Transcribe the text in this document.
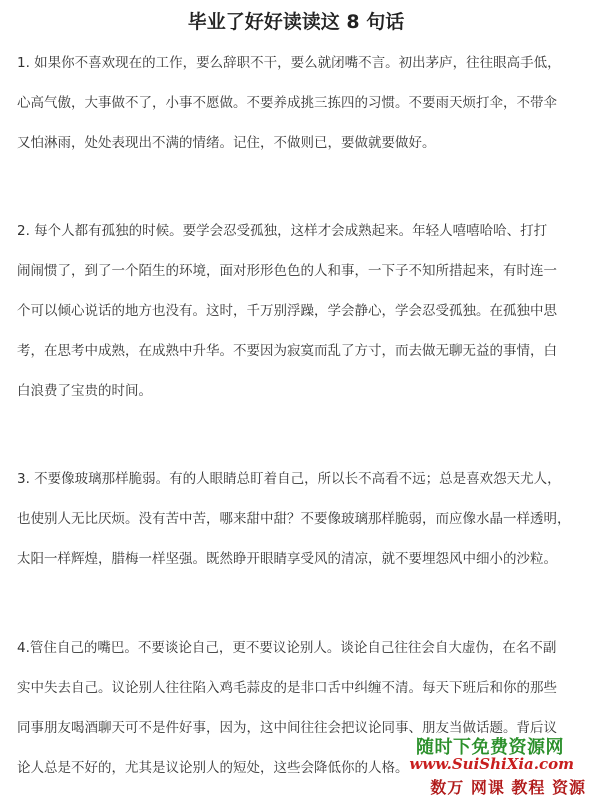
毕业了好好读读这 8 句话
1. 如果你不喜欢现在的工作，要么辞职不干，要么就闭嘴不言。初出茅庐，往往眼高手低，
心高气傲，大事做不了，小事不愿做。不要养成挑三拣四的习惯。不要雨天烦打伞，不带伞
又怕淋雨，处处表现出不满的情绪。记住，不做则已，要做就要做好。
2. 每个人都有孤独的时候。要学会忍受孤独，这样才会成熟起来。年轻人嘻嘻哈哈、打打
闹闹惯了，到了一个陌生的环境，面对形形色色的人和事，一下子不知所措起来，有时连一
个可以倾心说话的地方也没有。这时，千万别浮躁，学会静心，学会忍受孤独。在孤独中思
考，在思考中成熟，在成熟中升华。不要因为寂寞而乱了方寸，而去做无聊无益的事情，白
白浪费了宝贵的时间。
3. 不要像玻璃那样脆弱。有的人眼睛总盯着自己，所以长不高看不远；总是喜欢怨天尤人，
也使别人无比厌烦。没有苦中苦，哪来甜中甜？不要像玻璃那样脆弱，而应像水晶一样透明，
太阳一样辉煌，腊梅一样坚强。既然睁开眼睛享受风的清凉，就不要埋怨风中细小的沙粒。
4.管住自己的嘴巴。不要谈论自己，更不要议论别人。谈论自己往往会自大虚伪，在名不副
实中失去自己。议论别人往往陷入鸡毛蒜皮的是非口舌中纠缠不清。每天下班后和你的那些
同事朋友喝酒聊天可不是件好事，因为，这中间往往会把议论同事、朋友当做话题。背后议
论人总是不好的，尤其是议论别人的短处，这些会降低你的人格。
随时下免费资源网
www.SuiShiXia.com
数万 网课 教程 资源
